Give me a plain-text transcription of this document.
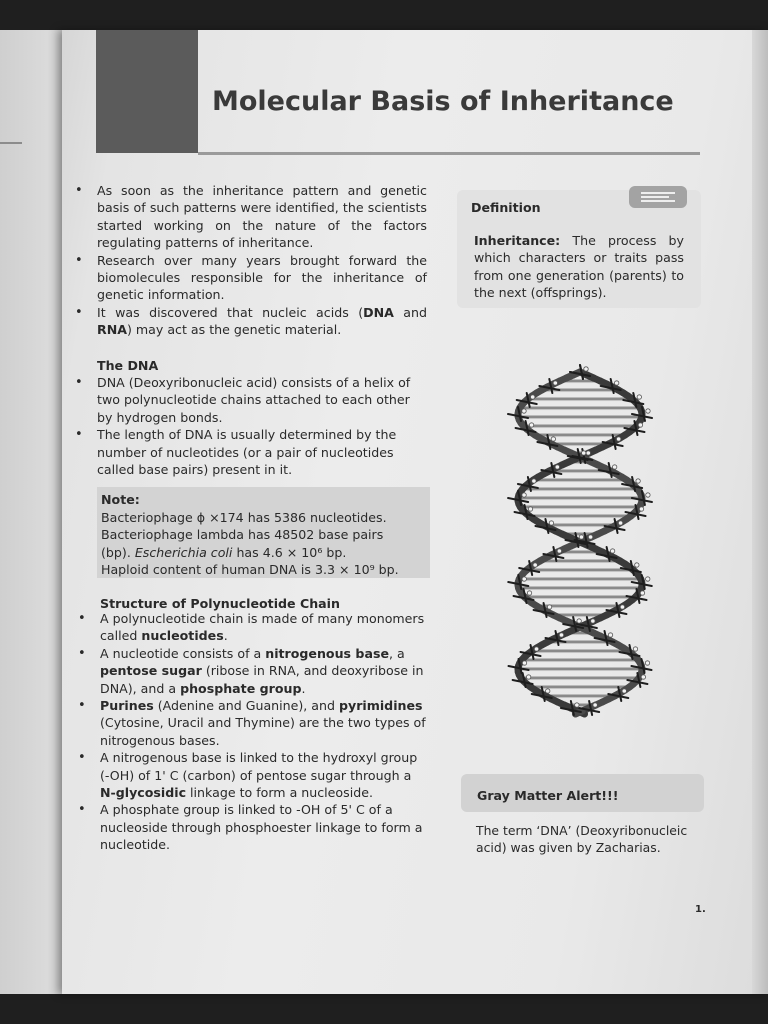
Molecular Basis of Inheritance
• As soon as the inheritance pattern and genetic basis of such patterns were identified, the scientists started working on the nature of the factors regulating patterns of inheritance.
• Research over many years brought forward the biomolecules responsible for the inheritance of genetic information.
• It was discovered that nucleic acids (DNA and RNA) may act as the genetic material.
The DNA
• DNA (Deoxyribonucleic acid) consists of a helix of two polynucleotide chains attached to each other by hydrogen bonds.
• The length of DNA is usually determined by the number of nucleotides (or a pair of nucleotides called base pairs) present in it.
Note:
Bacteriophage ϕ ×174 has 5386 nucleotides.
Bacteriophage lambda has 48502 base pairs
(bp). Escherichia coli has 4.6 × 10⁶ bp.
Haploid content of human DNA is 3.3 × 10⁹ bp.
Structure of Polynucleotide Chain
• A polynucleotide chain is made of many monomers called nucleotides.
• A nucleotide consists of a nitrogenous base, a pentose sugar (ribose in RNA, and deoxyribose in DNA), and a phosphate group.
• Purines (Adenine and Guanine), and pyrimidines (Cytosine, Uracil and Thymine) are the two types of nitrogenous bases.
• A nitrogenous base is linked to the hydroxyl group (-OH) of 1' C (carbon) of pentose sugar through a N-glycosidic linkage to form a nucleoside.
• A phosphate group is linked to -OH of 5' C of a nucleoside through phosphoester linkage to form a nucleotide.
Definition
Inheritance: The process by which characters or traits pass from one generation (parents) to the next (offsprings).
Gray Matter Alert!!!
The term ‘DNA’ (Deoxyribonucleic acid) was given by Zacharias.
1.
